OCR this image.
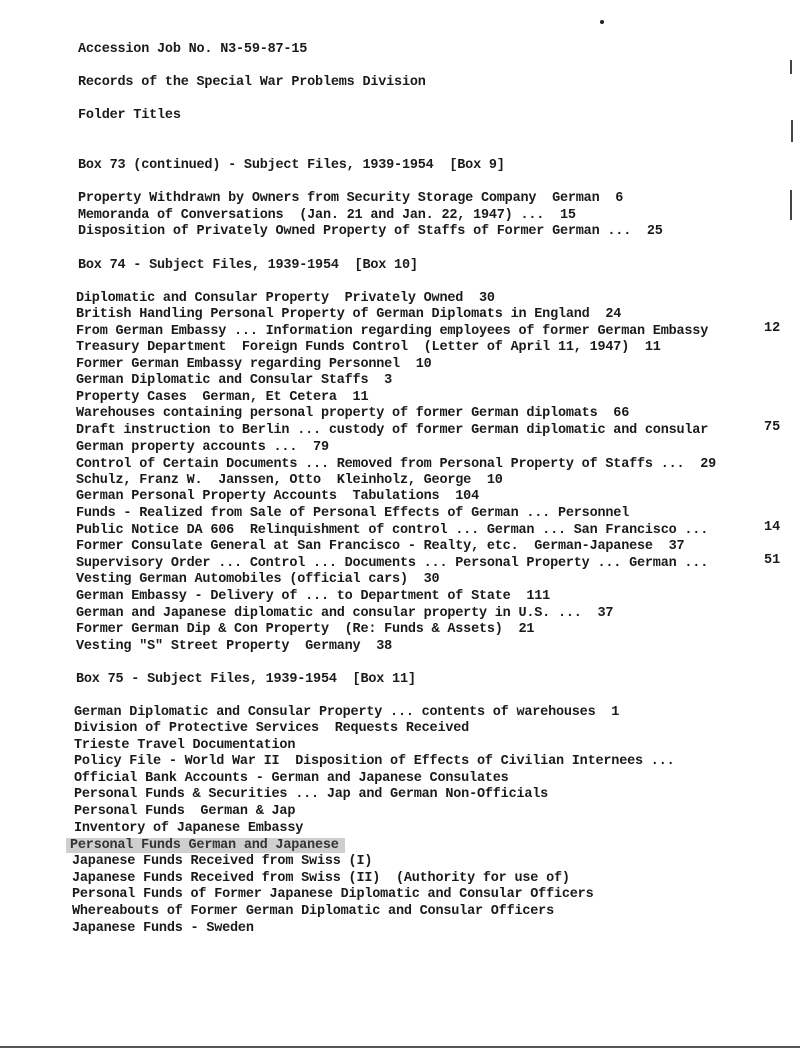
Accession Job No. N3-59-87-15
Records of the Special War Problems Division
Folder Titles
Box 73 (continued) - Subject Files, 1939-1954  [Box 9]
Property Withdrawn by Owners from Security Storage Company  German  6
Memoranda of Conversations  (Jan. 21 and Jan. 22, 1947) ...  15
Disposition of Privately Owned Property of Staffs of Former German ...  25
Box 74 - Subject Files, 1939-1954  [Box 10]
Diplomatic and Consular Property  Privately Owned  30
British Handling Personal Property of German Diplomats in England  24
From German Embassy ... Information regarding employees of former German Embassy	12
Treasury Department  Foreign Funds Control  (Letter of April 11, 1947)  11
Former German Embassy regarding Personnel  10
German Diplomatic and Consular Staffs  3
Property Cases  German, Et Cetera  11
Warehouses containing personal property of former German diplomats  66
Draft instruction to Berlin ... custody of former German diplomatic and consular	75
German property accounts ...  79
Control of Certain Documents ... Removed from Personal Property of Staffs ...  29
Schulz, Franz W.  Janssen, Otto  Kleinholz, George  10
German Personal Property Accounts  Tabulations  104
Funds - Realized from Sale of Personal Effects of German ... Personnel
Public Notice DA 606  Relinquishment of control ... German ... San Francisco ...	14
Former Consulate General at San Francisco - Realty, etc.  German-Japanese  37
Supervisory Order ... Control ... Documents ... Personal Property ... German ...	51
Vesting German Automobiles (official cars)  30
German Embassy - Delivery of ... to Department of State  111
German and Japanese diplomatic and consular property in U.S. ...  37
Former German Dip & Con Property  (Re: Funds & Assets)  21
Vesting "S" Street Property  Germany  38
Box 75 - Subject Files, 1939-1954  [Box 11]
German Diplomatic and Consular Property ... contents of warehouses  1
Division of Protective Services  Requests Received
Trieste Travel Documentation
Policy File - World War II  Disposition of Effects of Civilian Internees ...
Official Bank Accounts - German and Japanese Consulates
Personal Funds & Securities ... Jap and German Non-Officials
Personal Funds  German & Jap
Inventory of Japanese Embassy
Personal Funds German and Japanese
Japanese Funds Received from Swiss (I)
Japanese Funds Received from Swiss (II)  (Authority for use of)
Personal Funds of Former Japanese Diplomatic and Consular Officers
Whereabouts of Former German Diplomatic and Consular Officers
Japanese Funds - Sweden
